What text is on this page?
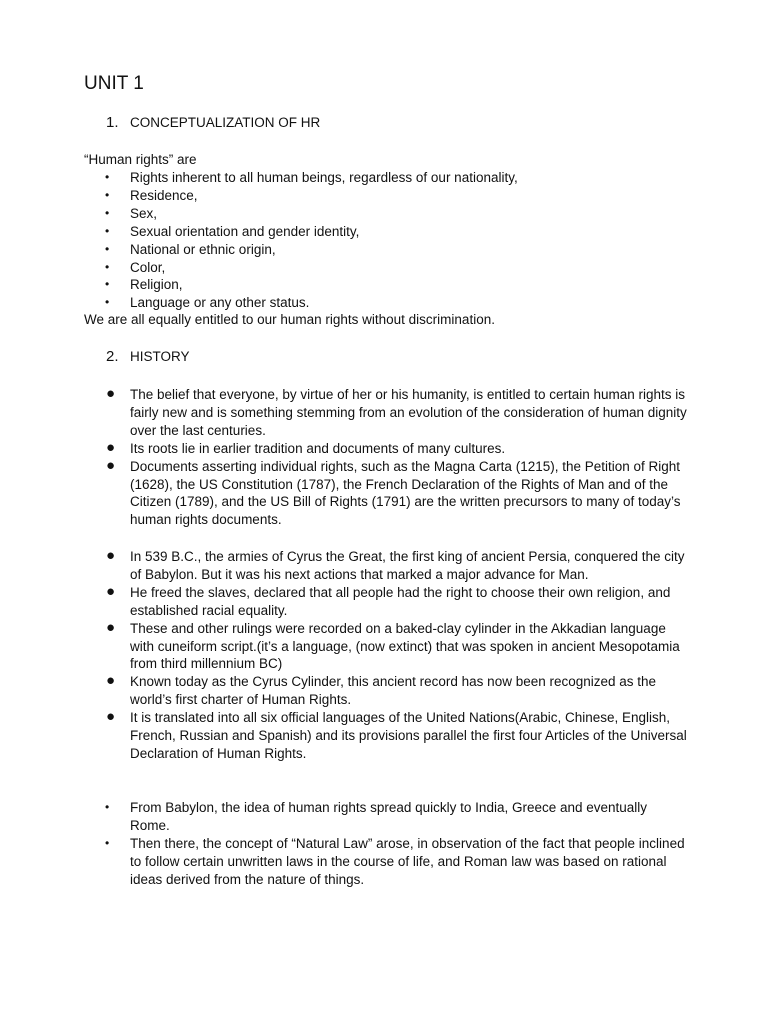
UNIT 1
1. CONCEPTUALIZATION OF HR
“Human rights” are
• Rights inherent to all human beings, regardless of our nationality,
• Residence,
• Sex,
• Sexual orientation and gender identity,
• National or ethnic origin,
• Color,
• Religion,
• Language or any other status.
We are all equally entitled to our human rights without discrimination.
2. HISTORY
● The belief that everyone, by virtue of her or his humanity, is entitled to certain human rights is fairly new and is something stemming from an evolution of the consideration of human dignity over the last centuries.
● Its roots lie in earlier tradition and documents of many cultures.
● Documents asserting individual rights, such as the Magna Carta (1215), the Petition of Right (1628), the US Constitution (1787), the French Declaration of the Rights of Man and of the Citizen (1789), and the US Bill of Rights (1791) are the written precursors to many of today’s human rights documents.
● In 539 B.C., the armies of Cyrus the Great, the first king of ancient Persia, conquered the city of Babylon. But it was his next actions that marked a major advance for Man.
● He freed the slaves, declared that all people had the right to choose their own religion, and established racial equality.
● These and other rulings were recorded on a baked-clay cylinder in the Akkadian language with cuneiform script.(it’s a language, (now extinct) that was spoken in ancient Mesopotamia from third millennium BC)
● Known today as the Cyrus Cylinder, this ancient record has now been recognized as the world’s first charter of Human Rights.
● It is translated into all six official languages of the United Nations(Arabic, Chinese, English, French, Russian and Spanish) and its provisions parallel the first four Articles of the Universal Declaration of Human Rights.
• From Babylon, the idea of human rights spread quickly to India, Greece and eventually Rome.
• Then there, the concept of “Natural Law” arose, in observation of the fact that people inclined to follow certain unwritten laws in the course of life, and Roman law was based on rational ideas derived from the nature of things.
